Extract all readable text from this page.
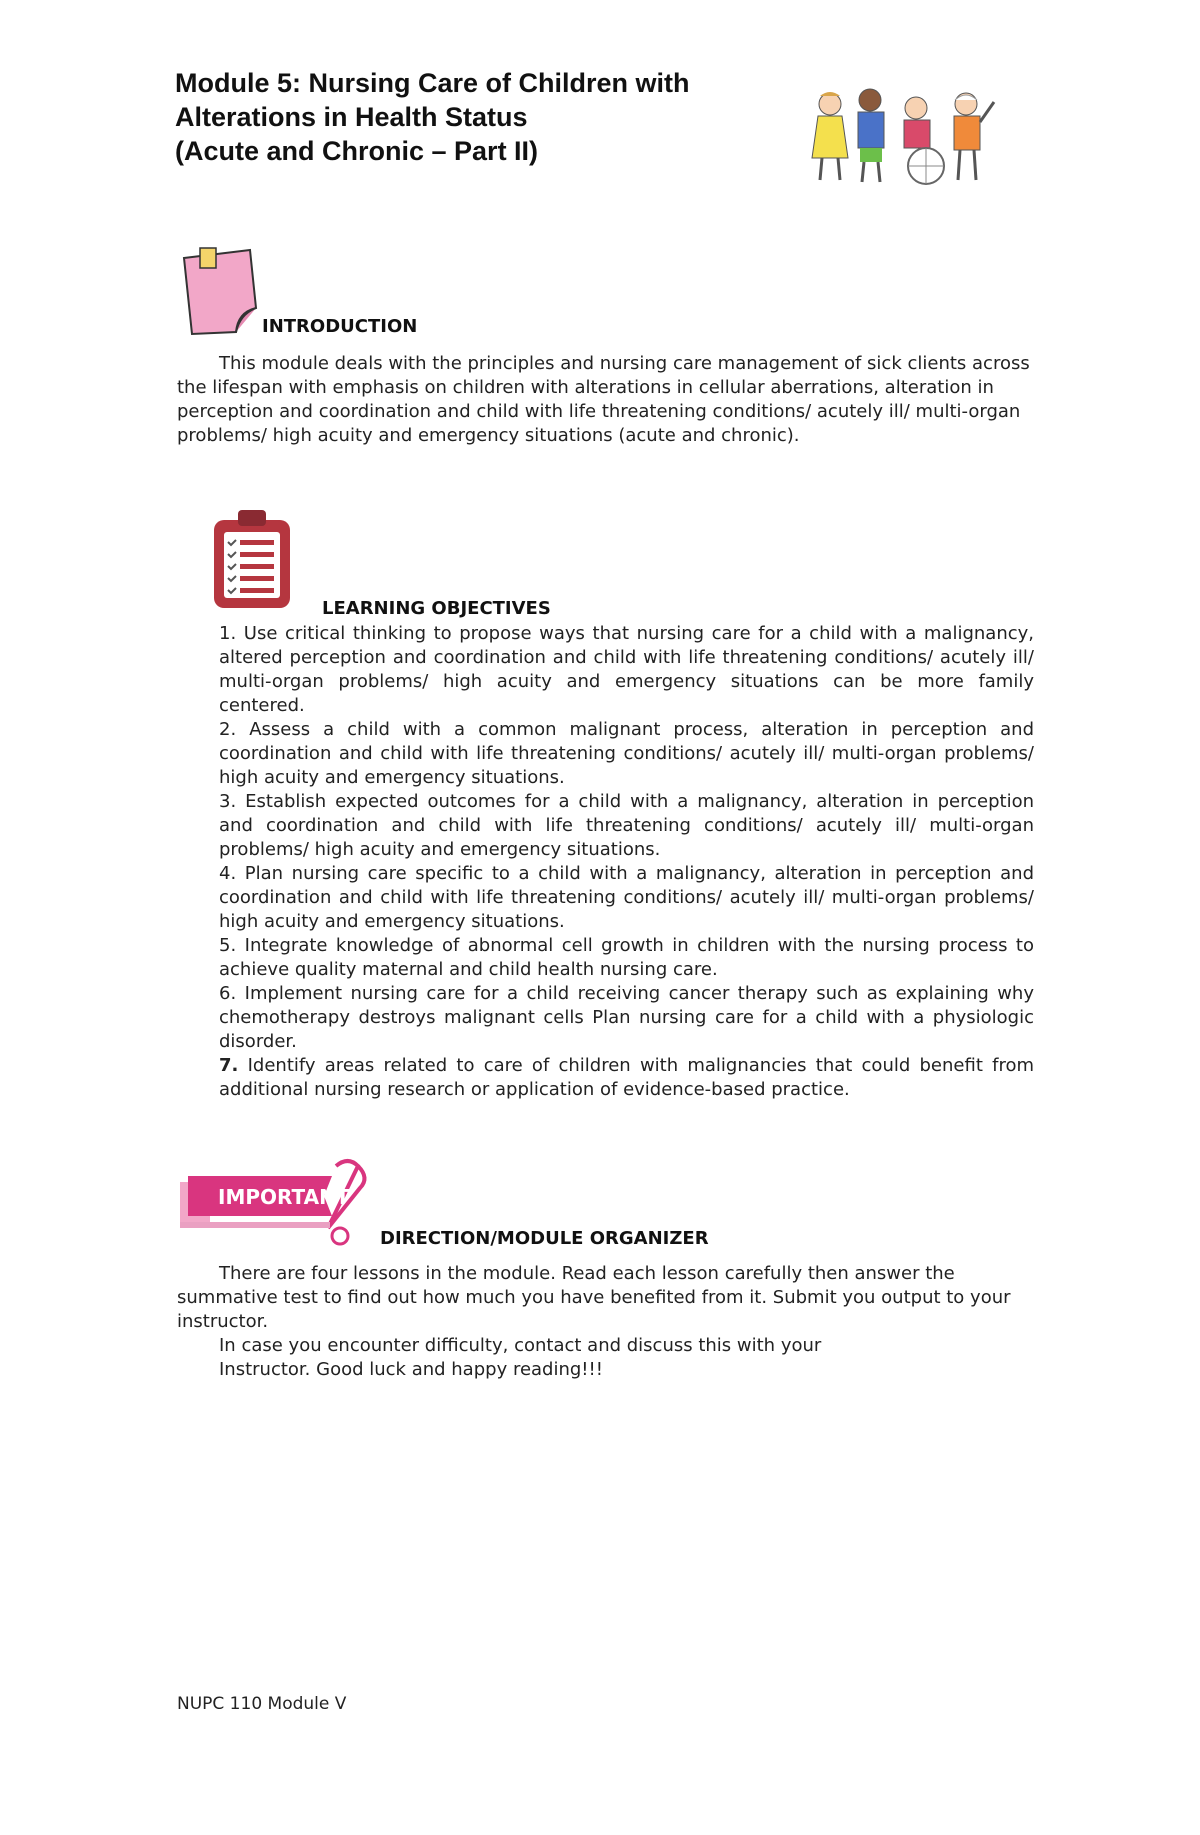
Module 5: Nursing Care of Children with
Alterations in Health Status
(Acute and Chronic – Part II)
INTRODUCTION

This module deals with the principles and nursing care management of sick clients across the lifespan with emphasis on children with alterations in cellular aberrations, alteration in perception and coordination and child with life threatening conditions/ acutely ill/ multi-organ problems/ high acuity and emergency situations (acute and chronic).

LEARNING OBJECTIVES

1. Use critical thinking to propose ways that nursing care for a child with a malignancy, altered perception and coordination and child with life threatening conditions/ acutely ill/ multi-organ problems/ high acuity and emergency situations can be more family centered.

2. Assess a child with a common malignant process, alteration in perception and coordination and child with life threatening conditions/ acutely ill/ multi-organ problems/ high acuity and emergency situations.

3. Establish expected outcomes for a child with a malignancy, alteration in perception and coordination and child with life threatening conditions/ acutely ill/ multi-organ problems/ high acuity and emergency situations.

4. Plan nursing care specific to a child with a malignancy, alteration in perception and coordination and child with life threatening conditions/ acutely ill/ multi-organ problems/ high acuity and emergency situations.

5. Integrate knowledge of abnormal cell growth in children with the nursing process to achieve quality maternal and child health nursing care.

6. Implement nursing care for a child receiving cancer therapy such as explaining why chemotherapy destroys malignant cells Plan nursing care for a child with a physiologic disorder.

7. Identify areas related to care of children with malignancies that could benefit from additional nursing research or application of evidence-based practice.

IMPORTANT
DIRECTION/MODULE ORGANIZER

There are four lessons in the module. Read each lesson carefully then answer the summative test to find out how much you have benefited from it. Submit you output to your instructor.

In case you encounter difficulty, contact and discuss this with your

Instructor. Good luck and happy reading!!!

NUPC 110 Module V
